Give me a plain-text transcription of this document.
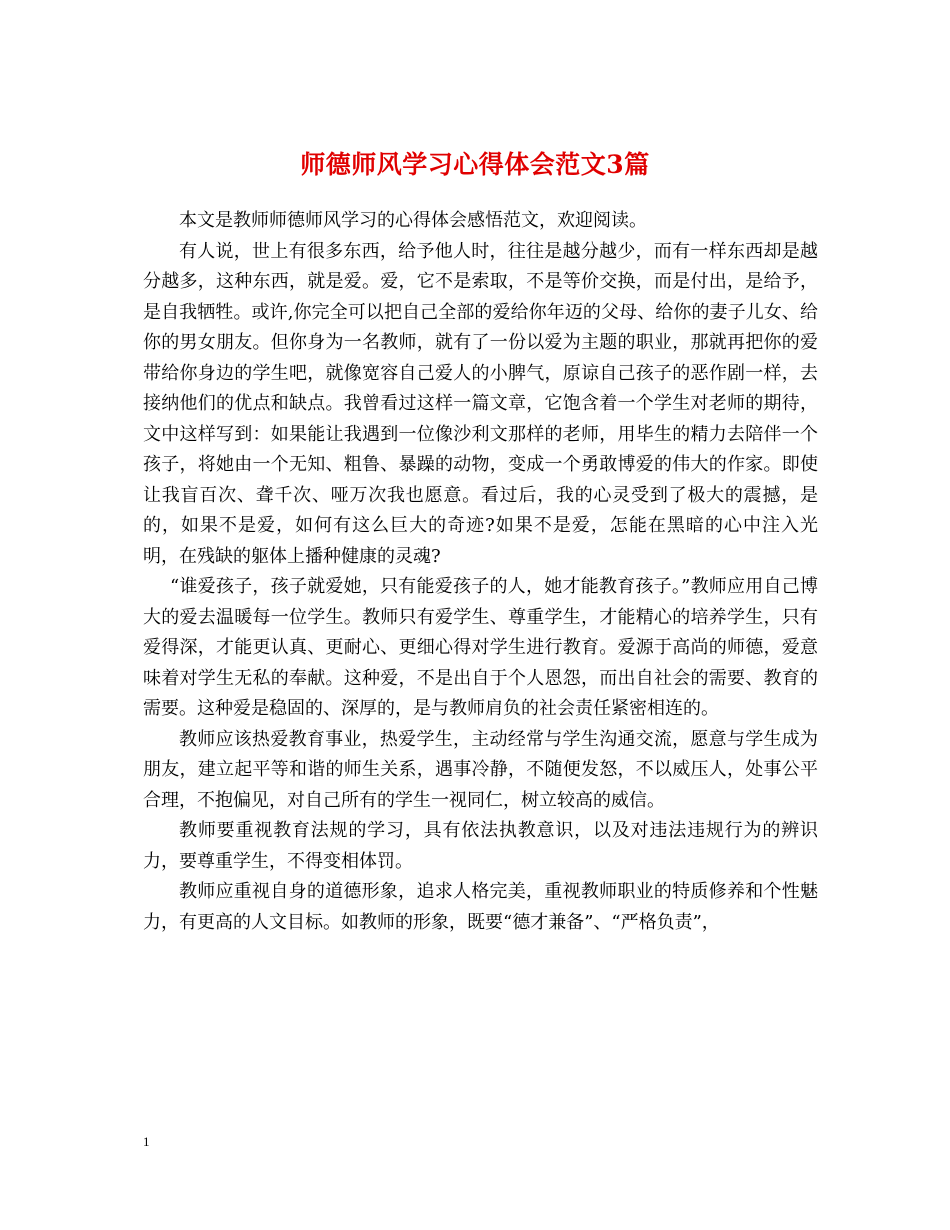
师德师风学习心得体会范文3篇

本文是教师师德师风学习的心得体会感悟范文，欢迎阅读。

有人说，世上有很多东西，给予他人时，往往是越分越少，而有一样东西却是越分越多，这种东西，就是爱。爱，它不是索取，不是等价交换，而是付出，是给予，是自我牺牲。或许,你完全可以把自己全部的爱给你年迈的父母、给你的妻子儿女、给你的男女朋友。但你身为一名教师，就有了一份以爱为主题的职业，那就再把你的爱带给你身边的学生吧，就像宽容自己爱人的小脾气，原谅自己孩子的恶作剧一样，去接纳他们的优点和缺点。我曾看过这样一篇文章，它饱含着一个学生对老师的期待，文中这样写到：如果能让我遇到一位像沙利文那样的老师，用毕生的精力去陪伴一个孩子，将她由一个无知、粗鲁、暴躁的动物，变成一个勇敢博爱的伟大的作家。即使让我盲百次、聋千次、哑万次我也愿意。看过后，我的心灵受到了极大的震撼，是的，如果不是爱，如何有这么巨大的奇迹?如果不是爱，怎能在黑暗的心中注入光明，在残缺的躯体上播种健康的灵魂?

“谁爱孩子，孩子就爱她，只有能爱孩子的人，她才能教育孩子。”教师应用自己博大的爱去温暖每一位学生。教师只有爱学生、尊重学生，才能精心的培养学生，只有爱得深，才能更认真、更耐心、更细心得对学生进行教育。爱源于高尚的师德，爱意味着对学生无私的奉献。这种爱，不是出自于个人恩怨，而出自社会的需要、教育的需要。这种爱是稳固的、深厚的，是与教师肩负的社会责任紧密相连的。

教师应该热爱教育事业，热爱学生，主动经常与学生沟通交流，愿意与学生成为朋友，建立起平等和谐的师生关系，遇事冷静，不随便发怒，不以威压人，处事公平合理，不抱偏见，对自己所有的学生一视同仁，树立较高的威信。

教师要重视教育法规的学习，具有依法执教意识，以及对违法违规行为的辨识力，要尊重学生，不得变相体罚。

教师应重视自身的道德形象，追求人格完美，重视教师职业的特质修养和个性魅力，有更高的人文目标。如教师的形象，既要“德才兼备”、“严格负责”，

1
